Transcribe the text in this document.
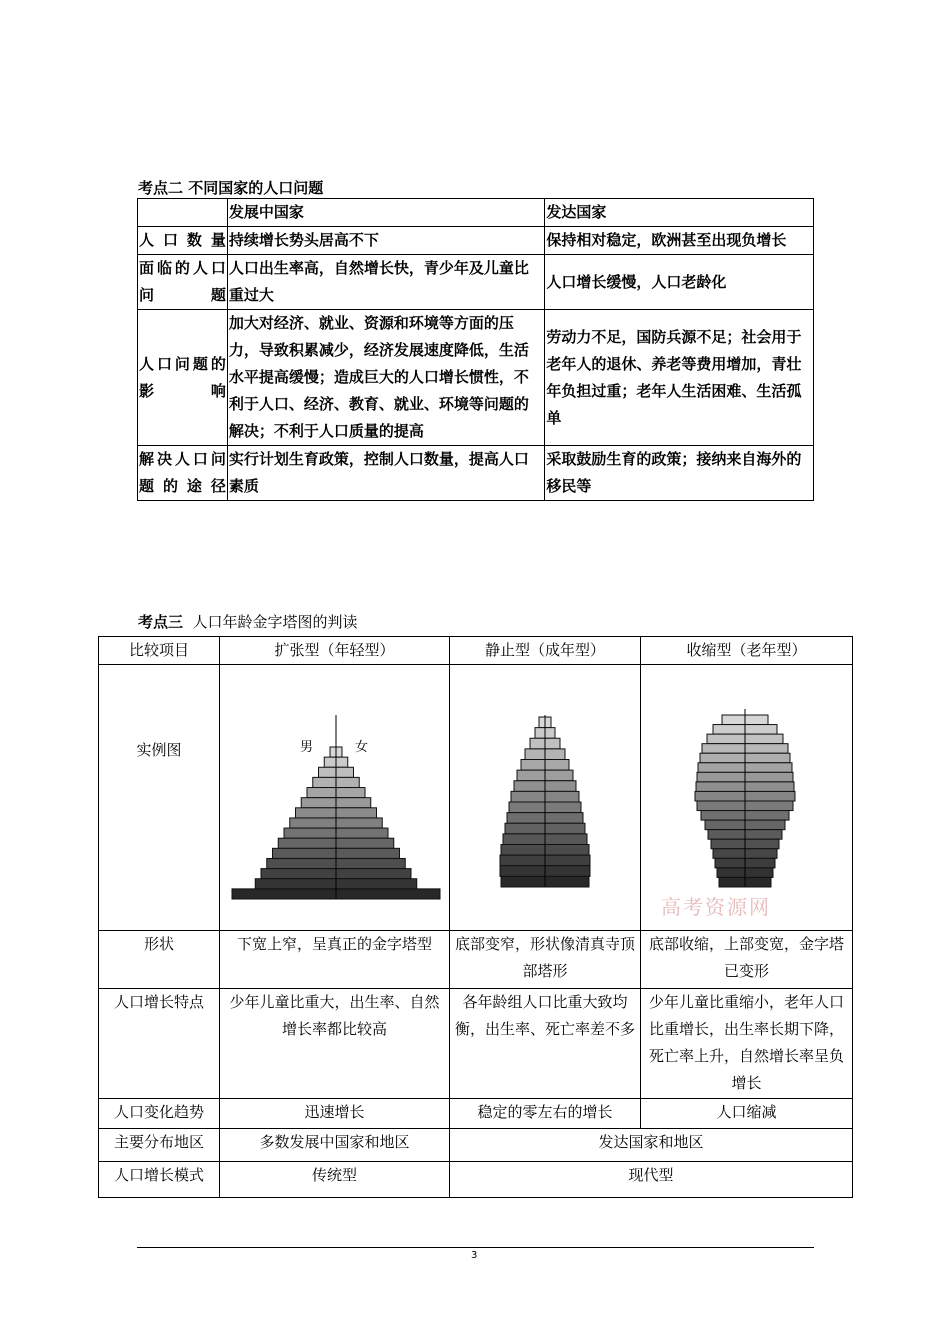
考点二 不同国家的人口问题
	发展中国家	发达国家
人口数量	持续增长势头居高不下	保持相对稳定，欧洲甚至出现负增长
面临的人口问题	人口出生率高，自然增长快，青少年及儿童比重过大	人口增长缓慢，人口老龄化
人口问题的影响	加大对经济、就业、资源和环境等方面的压力，导致积累减少，经济发展速度降低，生活水平提高缓慢；造成巨大的人口增长惯性，不利于人口、经济、教育、就业、环境等问题的解决；不利于人口质量的提高	劳动力不足，国防兵源不足；社会用于老年人的退休、养老等费用增加，青壮年负担过重；老年人生活困难、生活孤单
解决人口问题的途径	实行计划生育政策，控制人口数量，提高人口素质	采取鼓励生育的政策；接纳来自海外的移民等
考点三  人口年龄金字塔图的判读
比较项目	扩张型（年轻型）	静止型（成年型）	收缩型（老年型）
实例图	男 女		高考资源网

形状	下宽上窄，呈真正的金字塔型	底部变窄，形状像清真寺顶部塔形	底部收缩，上部变宽，金字塔已变形
人口增长特点	少年儿童比重大，出生率、自然增长率都比较高	各年龄组人口比重大致均衡，出生率、死亡率差不多	少年儿童比重缩小，老年人口比重增长，出生率长期下降，死亡率上升，自然增长率呈负增长
人口变化趋势	迅速增长	稳定的零左右的增长	人口缩减
主要分布地区	多数发展中国家和地区	发达国家和地区	
人口增长模式	传统型	现代型	
3
